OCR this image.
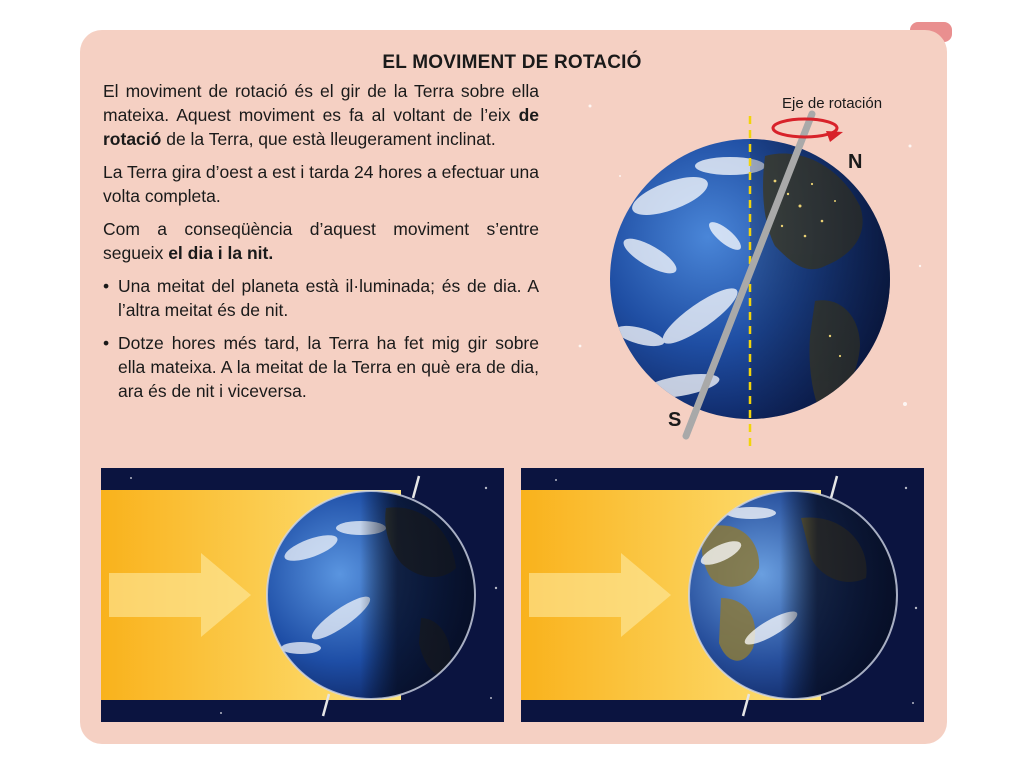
EL MOVIMENT DE ROTACIÓ

El moviment de rotació és el gir de la Terra sobre ella mateixa. Aquest moviment es fa al voltant de l’eix de rotació de la Terra, que està lleugerament inclinat.

La Terra gira d’oest a est i tarda 24 hores a efectuar una volta completa.

Com a conseqüència d’aquest moviment s’entre segueix el dia i la nit.

• Una meitat del planeta està il·luminada; és de dia. A l’altra meitat és de nit.
• Dotze hores més tard, la Terra ha fet mig gir sobre ella mateixa. A la meitat de la Terra en què era de dia, ara és de nit i viceversa.
Eje de rotación
N
S
